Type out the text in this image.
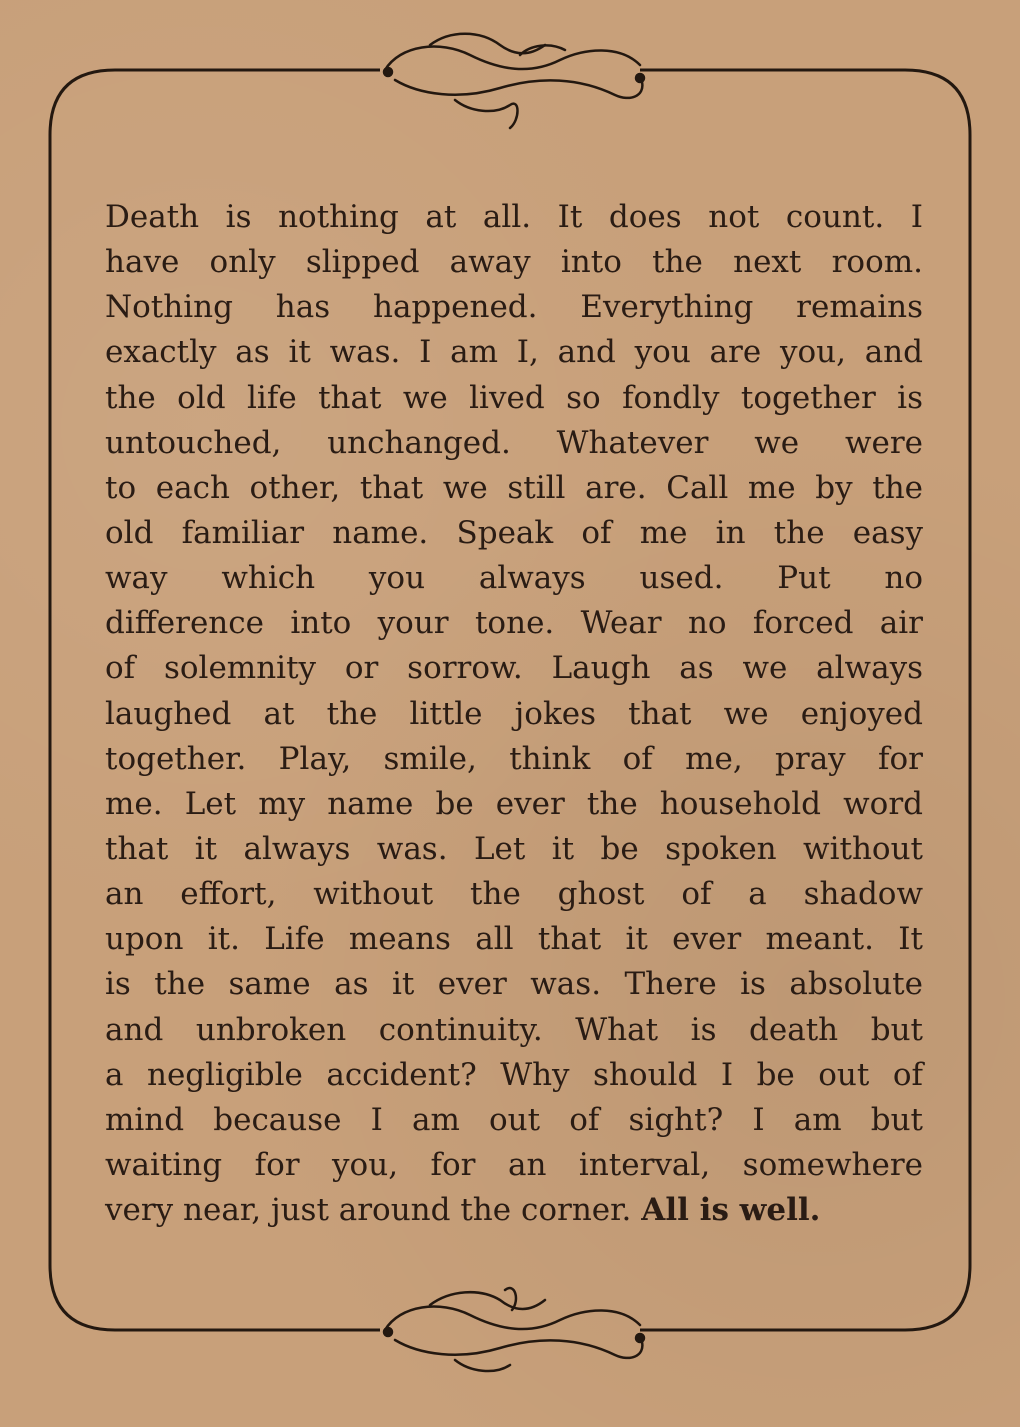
Death is nothing at all. It does not count. I
have only slipped away into the next room.
Nothing has happened. Everything remains
exactly as it was. I am I, and you are you, and
the old life that we lived so fondly together is
untouched, unchanged. Whatever we were
to each other, that we still are. Call me by the
old familiar name. Speak of me in the easy
way which you always used. Put no
difference into your tone. Wear no forced air
of solemnity or sorrow. Laugh as we always
laughed at the little jokes that we enjoyed
together. Play, smile, think of me, pray for
me. Let my name be ever the household word
that it always was. Let it be spoken without
an effort, without the ghost of a shadow
upon it. Life means all that it ever meant. It
is the same as it ever was. There is absolute
and unbroken continuity. What is death but
a negligible accident? Why should I be out of
mind because I am out of sight? I am but
waiting for you, for an interval, somewhere
very near, just around the corner. All is well.
